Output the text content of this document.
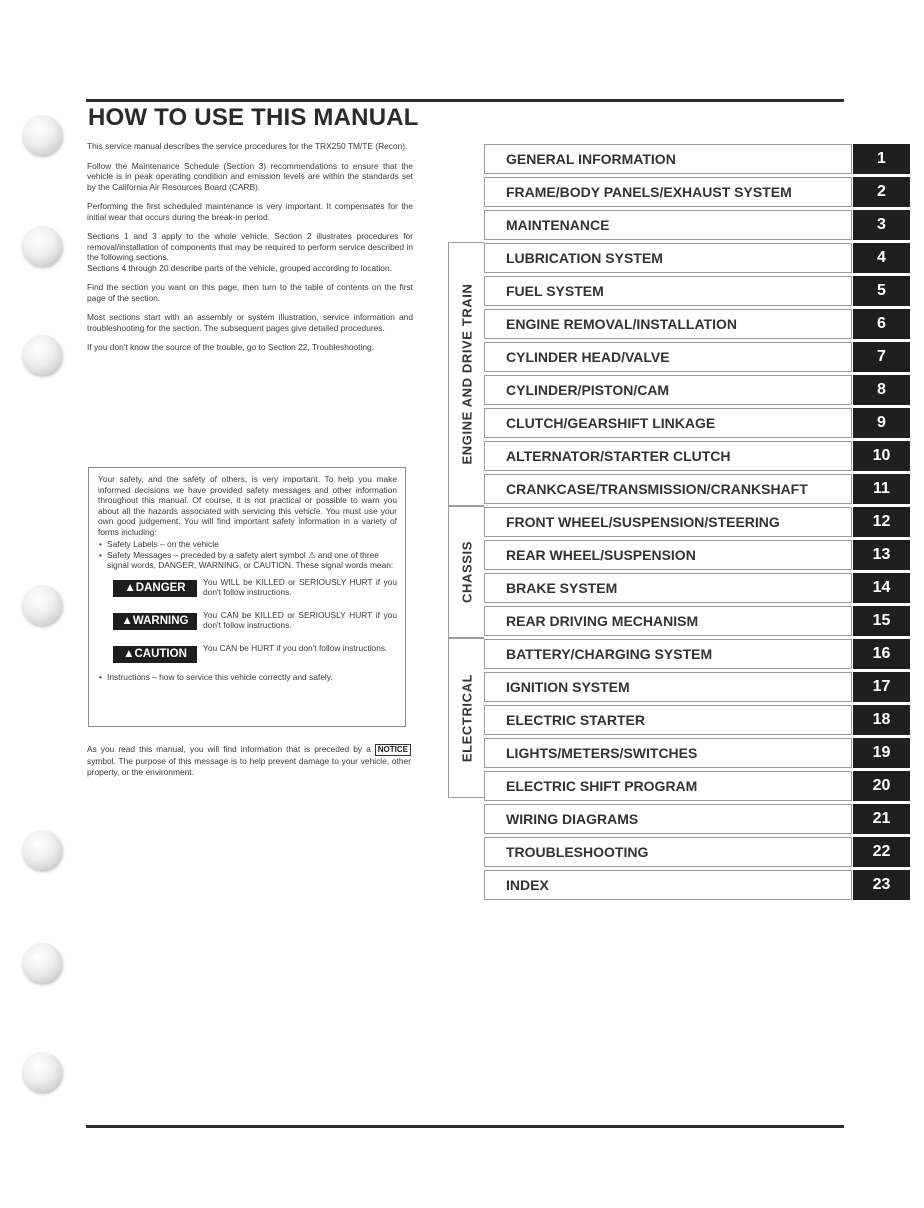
HOW TO USE THIS MANUAL

This service manual describes the service procedures for the TRX250 TM/TE (Recon).

Follow the Maintenance Schedule (Section 3) recommendations to ensure that the vehicle is in peak operating condition and emission levels are within the standards set by the California Air Resources Board (CARB).

Performing the first scheduled maintenance is very important. It compensates for the initial wear that occurs during the break-in period.

Sections 1 and 3 apply to the whole vehicle. Section 2 illustrates procedures for removal/installation of components that may be required to perform service described in the following sections.

Sections 4 through 20 describe parts of the vehicle, grouped according to location.

Find the section you want on this page, then turn to the table of contents on the first page of the section.

Most sections start with an assembly or system illustration, service information and troubleshooting for the section. The subsequent pages give detailed procedures.

If you don't know the source of the trouble, go to Section 22, Troubleshooting.

Your safety, and the safety of others, is very important. To help you make informed decisions we have provided safety messages and other information throughout this manual. Of course, it is not practical or possible to warn you about all the hazards associated with servicing this vehicle. You must use your own good judgement. You will find important safety information in a variety of forms including:

• Safety Labels – on the vehicle
• Safety Messages – preceded by a safety alert symbol ⚠ and one of three signal words, DANGER, WARNING, or CAUTION. These signal words mean:
▲DANGER
You WILL be KILLED or SERIOUSLY HURT if you don't follow instructions.
▲WARNING
You CAN be KILLED or SERIOUSLY HURT if you don't follow instructions.
▲CAUTION
You CAN be HURT if you don't follow instructions.
• Instructions – how to service this vehicle correctly and safely.
As you read this manual, you will find information that is preceded by a NOTICE symbol. The purpose of this message is to help prevent damage to your vehicle, other property, or the environment.
ENGINE AND DRIVE TRAIN
CHASSIS
ELECTRICAL
GENERAL INFORMATION	1
FRAME/BODY PANELS/EXHAUST SYSTEM	2
MAINTENANCE	3
LUBRICATION SYSTEM	4
FUEL SYSTEM	5
ENGINE REMOVAL/INSTALLATION	6
CYLINDER HEAD/VALVE	7
CYLINDER/PISTON/CAM	8
CLUTCH/GEARSHIFT LINKAGE	9
ALTERNATOR/STARTER CLUTCH	10
CRANKCASE/TRANSMISSION/CRANKSHAFT	11
FRONT WHEEL/SUSPENSION/STEERING	12
REAR WHEEL/SUSPENSION	13
BRAKE SYSTEM	14
REAR DRIVING MECHANISM	15
BATTERY/CHARGING SYSTEM	16
IGNITION SYSTEM	17
ELECTRIC STARTER	18
LIGHTS/METERS/SWITCHES	19
ELECTRIC SHIFT PROGRAM	20
WIRING DIAGRAMS	21
TROUBLESHOOTING	22
INDEX	23
